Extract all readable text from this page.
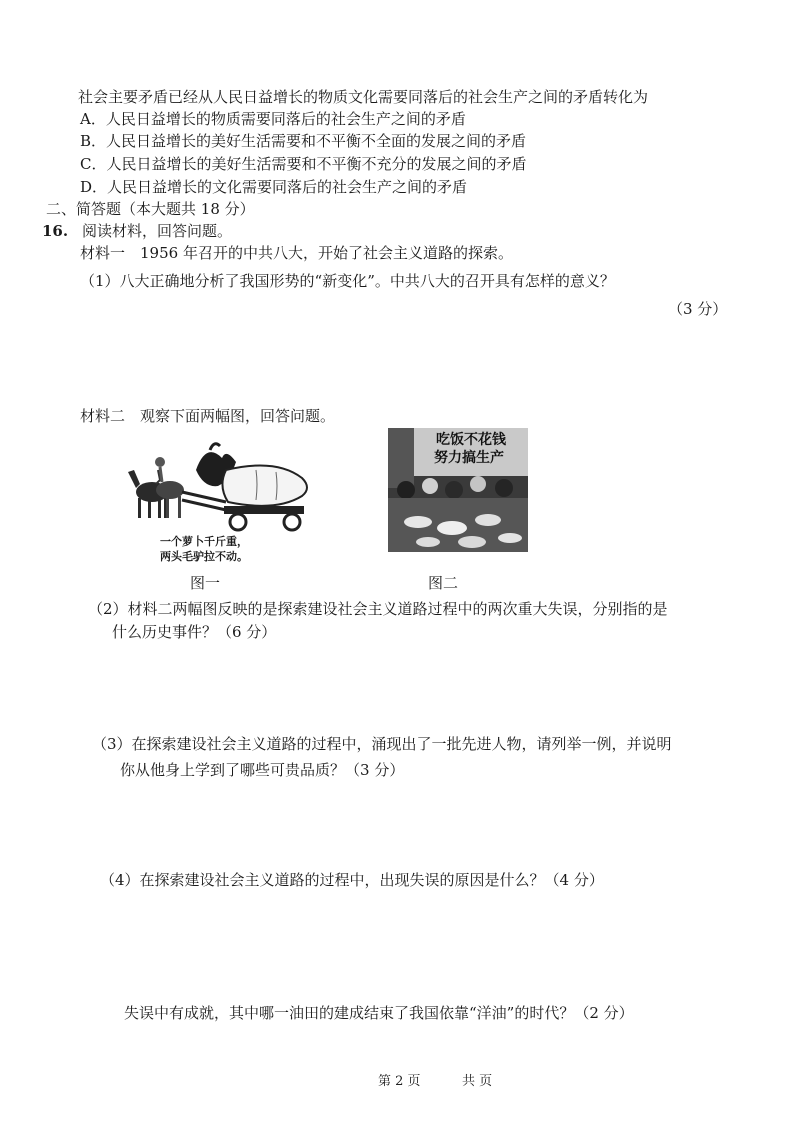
社会主要矛盾已经从人民日益增长的物质文化需要同落后的社会生产之间的矛盾转化为
A．人民日益增长的物质需要同落后的社会生产之间的矛盾
B．人民日益增长的美好生活需要和不平衡不全面的发展之间的矛盾
C．人民日益增长的美好生活需要和不平衡不充分的发展之间的矛盾
D．人民日益增长的文化需要同落后的社会生产之间的矛盾
二、简答题（本大题共 18 分）
16. 阅读材料，回答问题。
材料一　1956 年召开的中共八大，开始了社会主义道路的探索。
（1）八大正确地分析了我国形势的“新变化”。中共八大的召开具有怎样的意义？
（3 分）
材料二　观察下面两幅图，回答问题。
一个萝卜千斤重，
两头毛驴拉不动。
图一
吃饭不花钱
努力搞生产
图二
（2）材料二两幅图反映的是探索建设社会主义道路过程中的两次重大失误，分别指的是
什么历史事件？（6 分）
（3）在探索建设社会主义道路的过程中，涌现出了一批先进人物，请列举一例，并说明
你从他身上学到了哪些可贵品质？（3 分）
（4）在探索建设社会主义道路的过程中，出现失误的原因是什么？（4 分）
失误中有成就，其中哪一油田的建成结束了我国依靠“洋油”的时代？（2 分）
第 2 页	共 页
